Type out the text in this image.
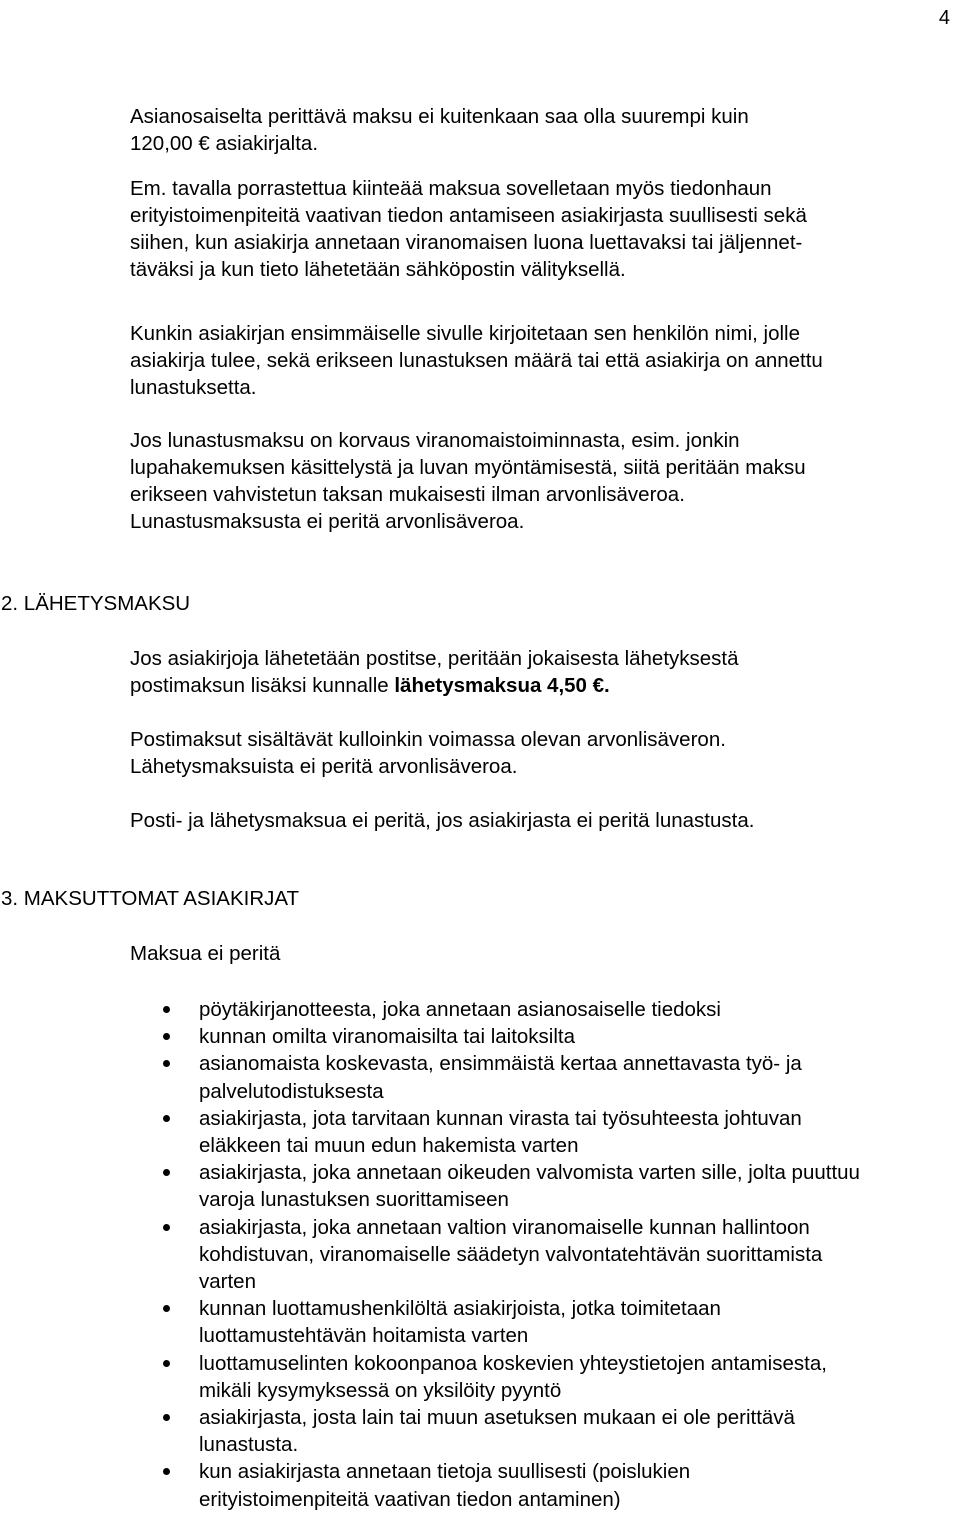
4

Asianosaiselta perittävä maksu ei kuitenkaan saa olla suurempi kuin
120,00 € asiakirjalta.

Em. tavalla porrastettua kiinteää maksua sovelletaan myös tiedonhaun
erityistoimenpiteitä vaativan tiedon antamiseen asiakirjasta suullisesti sekä
siihen, kun asiakirja annetaan viranomaisen luona luettavaksi tai jäljennet-
täväksi ja kun tieto lähetetään sähköpostin välityksellä.

Kunkin asiakirjan ensimmäiselle sivulle kirjoitetaan sen henkilön nimi, jolle
asiakirja tulee, sekä erikseen lunastuksen määrä tai että asiakirja on annettu
lunastuksetta.

Jos lunastusmaksu on korvaus viranomaistoiminnasta, esim. jonkin
lupahakemuksen käsittelystä ja luvan myöntämisestä, siitä peritään maksu
erikseen vahvistetun taksan mukaisesti ilman arvonlisäveroa.
Lunastusmaksusta ei peritä arvonlisäveroa.

2. LÄHETYSMAKSU

Jos asiakirjoja lähetetään postitse, peritään jokaisesta lähetyksestä
postimaksun lisäksi kunnalle lähetysmaksua 4,50 €.

Postimaksut sisältävät kulloinkin voimassa olevan arvonlisäveron.
Lähetysmaksuista ei peritä arvonlisäveroa.

Posti- ja lähetysmaksua ei peritä, jos asiakirjasta ei peritä lunastusta.

3. MAKSUTTOMAT ASIAKIRJAT

Maksua ei peritä

pöytäkirjanotteesta, joka annetaan asianosaiselle tiedoksi
kunnan omilta viranomaisilta tai laitoksilta
asianomaista koskevasta, ensimmäistä kertaa annettavasta työ- ja
palvelutodistuksesta
asiakirjasta, jota tarvitaan kunnan virasta tai työsuhteesta johtuvan
eläkkeen tai muun edun hakemista varten
asiakirjasta, joka annetaan oikeuden valvomista varten sille, jolta puuttuu
varoja lunastuksen suorittamiseen
asiakirjasta, joka annetaan valtion viranomaiselle kunnan hallintoon
kohdistuvan, viranomaiselle säädetyn valvontatehtävän suorittamista
varten
kunnan luottamushenkilöltä asiakirjoista, jotka toimitetaan
luottamustehtävän hoitamista varten
luottamuselinten kokoonpanoa koskevien yhteystietojen antamisesta,
mikäli kysymyksessä on yksilöity pyyntö
asiakirjasta, josta lain tai muun asetuksen mukaan ei ole perittävä
lunastusta.
kun asiakirjasta annetaan tietoja suullisesti (poislukien
erityistoimenpiteitä vaativan tiedon antaminen)
